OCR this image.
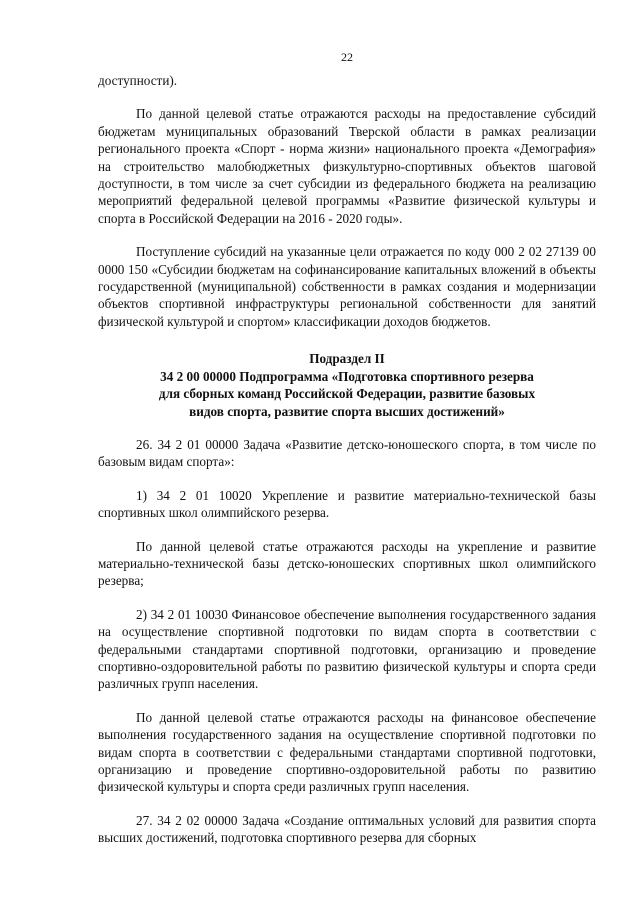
22

доступности).

По данной целевой статье отражаются расходы на предоставление субсидий бюджетам муниципальных образований Тверской области в рамках реализации регионального проекта «Спорт - норма жизни» национального проекта «Демография» на строительство малобюджетных физкультурно-спортивных объектов шаговой доступности, в том числе за счет субсидии из федерального бюджета на реализацию мероприятий федеральной целевой программы «Развитие физической культуры и спорта в Российской Федерации на 2016 - 2020 годы».

Поступление субсидий на указанные цели отражается по коду 000 2 02 27139 00 0000 150 «Субсидии бюджетам на софинансирование капитальных вложений в объекты государственной (муниципальной) собственности в рамках создания и модернизации объектов спортивной инфраструктуры региональной собственности для занятий физической культурой и спортом» классификации доходов бюджетов.

Подраздел II
34 2 00 00000 Подпрограмма «Подготовка спортивного резерва
для сборных команд Российской Федерации, развитие базовых
видов спорта, развитие спорта высших достижений»

26. 34 2 01 00000 Задача «Развитие детско-юношеского спорта, в том числе по базовым видам спорта»:

1) 34 2 01 10020 Укрепление и развитие материально-технической базы спортивных школ олимпийского резерва.

По данной целевой статье отражаются расходы на укрепление и развитие материально-технической базы детско-юношеских спортивных школ олимпийского резерва;

2) 34 2 01 10030 Финансовое обеспечение выполнения государственного задания на осуществление спортивной подготовки по видам спорта в соответствии с федеральными стандартами спортивной подготовки, организацию и проведение спортивно-оздоровительной работы по развитию физической культуры и спорта среди различных групп населения.

По данной целевой статье отражаются расходы на финансовое обеспечение выполнения государственного задания на осуществление спортивной подготовки по видам спорта в соответствии с федеральными стандартами спортивной подготовки, организацию и проведение спортивно-оздоровительной работы по развитию физической культуры и спорта среди различных групп населения.

27. 34 2 02 00000 Задача «Создание оптимальных условий для развития спорта высших достижений, подготовка спортивного резерва для сборных
